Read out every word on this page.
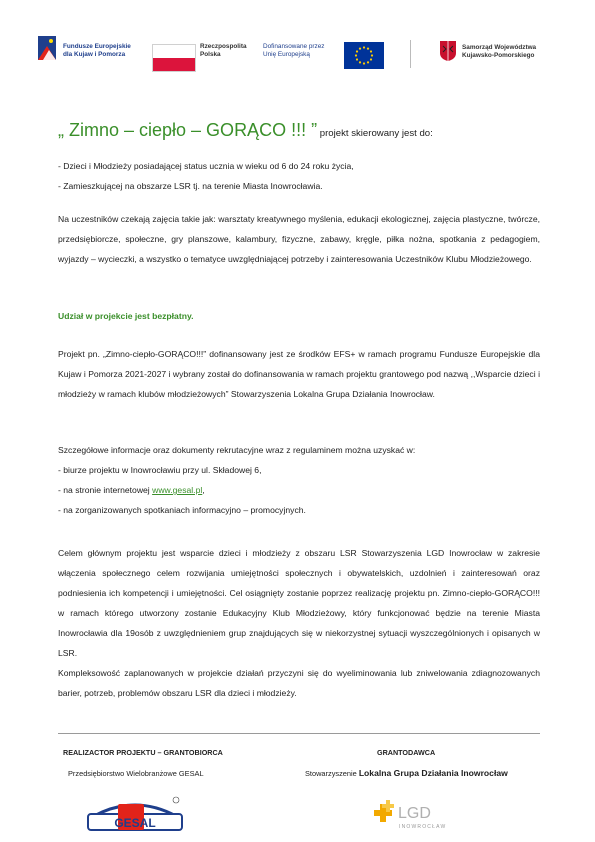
Fundusze Europejskie
dla Kujaw i Pomorza
Rzeczpospolita
Polska
Dofinansowane przez
Unię Europejską
Samorząd Województwa
Kujawsko-Pomorskiego
„ Zimno – ciepło – GORĄCO !!! ” projekt skierowany jest do:

- Dzieci i Młodzieży posiadającej status ucznia w wieku od 6 do 24 roku życia,

- Zamieszkującej na obszarze LSR tj. na terenie Miasta Inowrocławia.

Na uczestników czekają zajęcia takie jak: warsztaty kreatywnego myślenia, edukacji ekologicznej, zajęcia plastyczne, twórcze, przedsiębiorcze, społeczne, gry planszowe, kalambury, fizyczne, zabawy, kręgle, piłka nożna, spotkania z pedagogiem, wyjazdy – wycieczki, a wszystko o tematyce uwzględniającej potrzeby i zainteresowania Uczestników Klubu Młodzieżowego.

Udział w projekcie jest bezpłatny.

Projekt pn. „Zimno-ciepło-GORĄCO!!!” dofinansowany jest ze środków EFS+ w ramach programu Fundusze Europejskie dla Kujaw i Pomorza 2021-2027 i wybrany został do dofinansowania w ramach projektu grantowego pod nazwą ,,Wsparcie dzieci i młodzieży w ramach klubów młodzieżowych” Stowarzyszenia Lokalna Grupa Działania Inowrocław.

Szczegółowe informacje oraz dokumenty rekrutacyjne wraz z regulaminem można uzyskać w:

- biurze projektu w Inowrocławiu przy ul. Składowej 6,

- na stronie internetowej www.gesal.pl,

- na zorganizowanych spotkaniach informacyjno – promocyjnych.

Celem głównym projektu jest wsparcie dzieci i młodzieży z obszaru LSR Stowarzyszenia LGD Inowrocław w zakresie włączenia społecznego celem rozwijania umiejętności społecznych i obywatelskich, uzdolnień i zainteresowań oraz podniesienia ich kompetencji i umiejętności. Cel osiągnięty zostanie poprzez realizację projektu pn. Zimno-ciepło-GORĄCO!!! w ramach którego utworzony zostanie Edukacyjny Klub Młodzieżowy, który funkcjonować będzie na terenie Miasta Inowrocławia dla 19osób z uwzględnieniem grup znajdujących się w niekorzystnej sytuacji wyszczególnionych i opisanych w LSR.

Kompleksowość zaplanowanych w projekcie działań przyczyni się do wyeliminowania lub zniwelowania zdiagnozowanych barier, potrzeb, problemów obszaru LSR dla dzieci i młodzieży.

REALIZACTOR PROJEKTU – GRANTOBIORCA
Przedsiębiorstwo Wielobranżowe GESAL
GRANTODAWCA
Stowarzyszenie Lokalna Grupa Działania Inowrocław
GESAL
LGD
INOWROCŁAW
